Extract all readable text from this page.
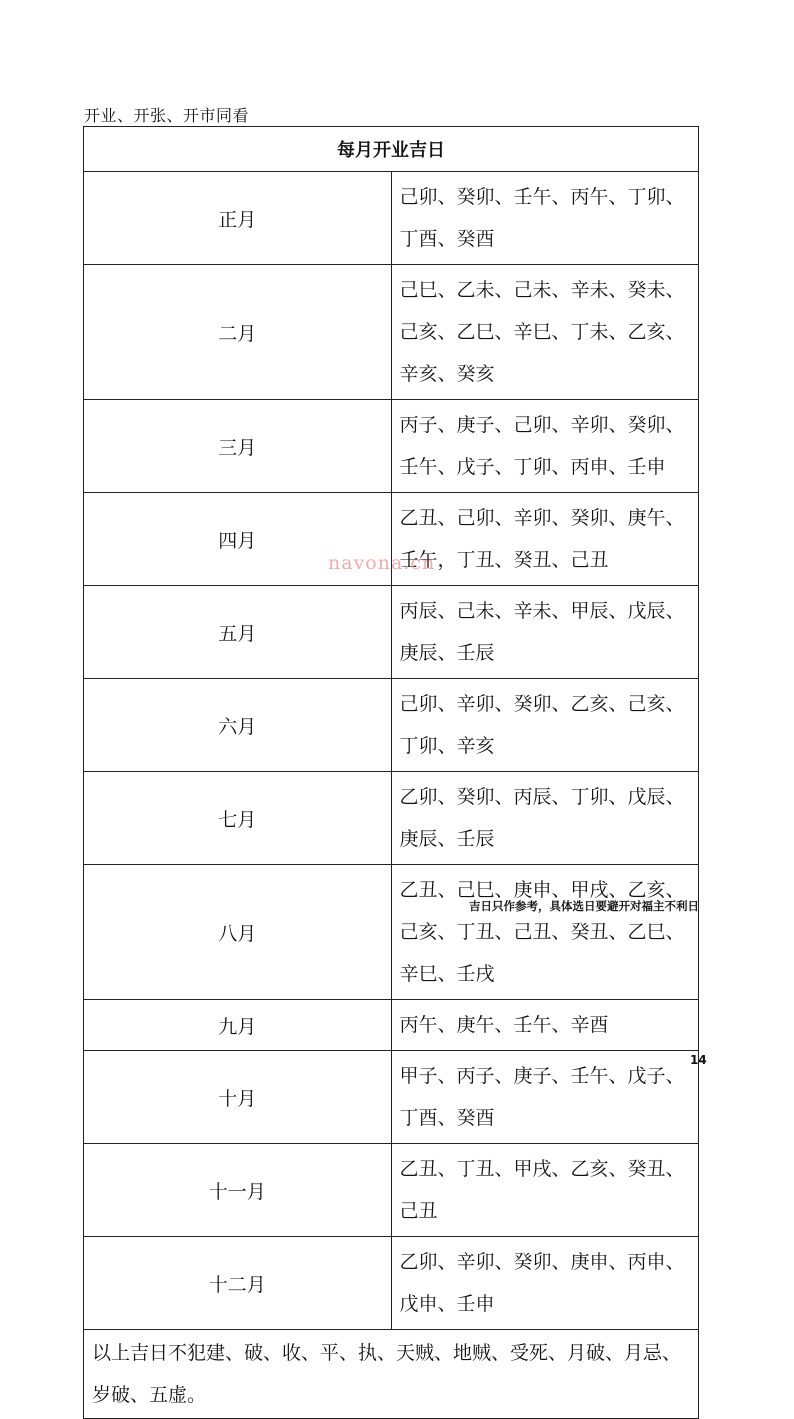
开业、开张、开市同看
每月开业吉日	
正月	己卯、癸卯、壬午、丙午、丁卯、丁酉、癸酉
二月	己巳、乙未、己未、辛未、癸未、己亥、乙巳、辛巳、丁未、乙亥、辛亥、癸亥
三月	丙子、庚子、己卯、辛卯、癸卯、壬午、戊子、丁卯、丙申、壬申
四月	乙丑、己卯、辛卯、癸卯、庚午、壬午，丁丑、癸丑、己丑
五月	丙辰、己未、辛未、甲辰、戊辰、庚辰、壬辰
六月	己卯、辛卯、癸卯、乙亥、己亥、丁卯、辛亥
七月	乙卯、癸卯、丙辰、丁卯、戊辰、庚辰、壬辰
八月	乙丑、己巳、庚申、甲戌、乙亥、己亥、丁丑、己丑、癸丑、乙巳、辛巳、壬戌
九月	丙午、庚午、壬午、辛酉
十月	甲子、丙子、庚子、壬午、戊子、丁酉、癸酉
十一月	乙丑、丁丑、甲戌、乙亥、癸丑、己丑
十二月	乙卯、辛卯、癸卯、庚申、丙申、戊申、壬申
以上吉日不犯建、破、收、平、执、天贼、地贼、受死、月破、月忌、岁破、五虚。	
navona.cn
吉日只作参考，具体选日要避开对福主不利日
14
